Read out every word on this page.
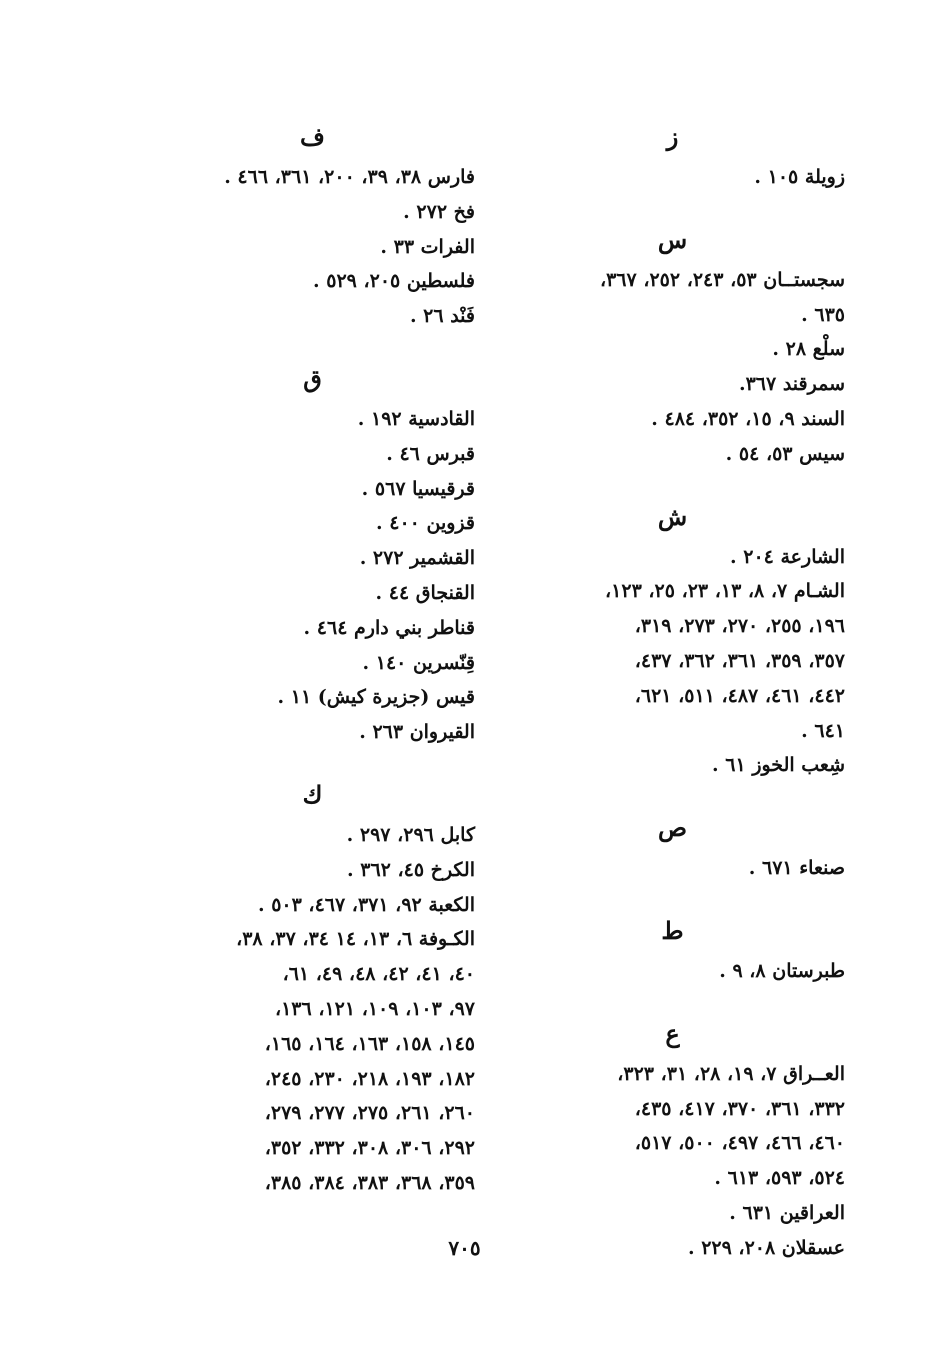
ز
زويلة ١٠٥ .
س
سجستــان ٥٣، ٢٤٣، ٢٥٢، ٣٦٧،
٦٣٥ .
سلْع ٢٨ .
سمرقند ٣٦٧.
السند ٩، ١٥، ٣٥٢، ٤٨٤ .
سيس ٥٣، ٥٤ .
ش
الشارعة ٢٠٤ .
الشـام ٧، ٨، ١٣، ٢٣، ٢٥، ١٢٣،
١٩٦، ٢٥٥، ٢٧٠، ٢٧٣، ٣١٩،
٣٥٧، ٣٥٩، ٣٦١، ٣٦٢، ٤٣٧،
٤٤٢، ٤٦١، ٤٨٧، ٥١١، ٦٢١،
٦٤١ .
شِعب الخوز ٦١ .
ص
صنعاء ٦٧١ .
ط
طبرستان ٨، ٩ .
ع
العــراق ٧، ١٩، ٢٨، ٣١، ٣٢٣،
٣٣٢، ٣٦١، ٣٧٠، ٤١٧، ٤٣٥،
٤٦٠، ٤٦٦، ٤٩٧، ٥٠٠، ٥١٧،
٥٢٤، ٥٩٣، ٦١٣ .
العراقين ٦٣١ .
عسقلان ٢٠٨، ٢٢٩ .
ف
فارس ٣٨، ٣٩، ٢٠٠، ٣٦١، ٤٦٦ .
فخ ٢٧٢ .
الفرات ٣٣ .
فلسطين ٢٠٥، ٥٢٩ .
فَنْد ٢٦ .
ق
القادسية ١٩٢ .
قبرس ٤٦ .
قرقيسيا ٥٦٧ .
قزوين ٤٠٠ .
القشمير ٢٧٢ .
القنجاق ٤٤ .
قناطر بني دارم ٤٦٤ .
قِنّسرين ١٤٠ .
قيس (جزيرة كيش) ١١ .
القيروان ٢٦٣ .
ك
كابل ٢٩٦، ٢٩٧ .
الكرخ ٤٥، ٣٦٢ .
الكعبة ٩٢، ٣٧١، ٤٦٧، ٥٠٣ .
الكـوفة ٦، ١٣، ١٤ ٣٤، ٣٧، ٣٨،
٤٠، ٤١، ٤٢، ٤٨، ٤٩، ٦١،
٩٧، ١٠٣، ١٠٩، ١٢١، ١٣٦،
١٤٥، ١٥٨، ١٦٣، ١٦٤، ١٦٥،
١٨٢، ١٩٣، ٢١٨، ٢٣٠، ٢٤٥،
٢٦٠، ٢٦١، ٢٧٥، ٢٧٧، ٢٧٩،
٢٩٢، ٣٠٦، ٣٠٨، ٣٣٢، ٣٥٢،
٣٥٩، ٣٦٨، ٣٨٣، ٣٨٤، ٣٨٥،
٧٠٥
